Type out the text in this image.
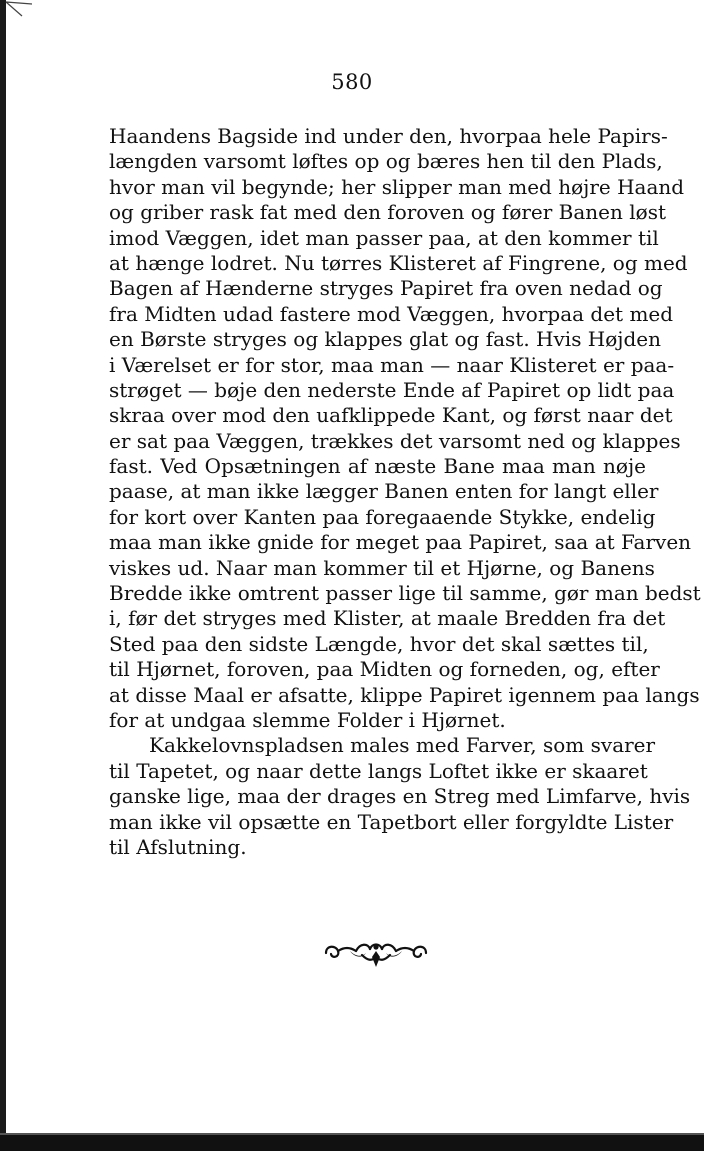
580
Haandens Bagside ind under den, hvorpaa hele Papirs-
længden varsomt løftes op og bæres hen til den Plads,
hvor man vil begynde; her slipper man med højre Haand
og griber rask fat med den foroven og fører Banen løst
imod Væggen, idet man passer paa, at den kommer til
at hænge lodret. Nu tørres Klisteret af Fingrene, og med
Bagen af Hænderne stryges Papiret fra oven nedad og
fra Midten udad fastere mod Væggen, hvorpaa det med
en Børste stryges og klappes glat og fast. Hvis Højden
i Værelset er for stor, maa man — naar Klisteret er paa-
strøget — bøje den nederste Ende af Papiret op lidt paa
skraa over mod den uafklippede Kant, og først naar det
er sat paa Væggen, trækkes det varsomt ned og klappes
fast. Ved Opsætningen af næste Bane maa man nøje
paase, at man ikke lægger Banen enten for langt eller
for kort over Kanten paa foregaaende Stykke, endelig
maa man ikke gnide for meget paa Papiret, saa at Farven
viskes ud. Naar man kommer til et Hjørne, og Banens
Bredde ikke omtrent passer lige til samme, gør man bedst
i, før det stryges med Klister, at maale Bredden fra det
Sted paa den sidste Længde, hvor det skal sættes til,
til Hjørnet, foroven, paa Midten og forneden, og, efter
at disse Maal er afsatte, klippe Papiret igennem paa langs
for at undgaa slemme Folder i Hjørnet.
Kakkelovnspladsen males med Farver, som svarer
til Tapetet, og naar dette langs Loftet ikke er skaaret
ganske lige, maa der drages en Streg med Limfarve, hvis
man ikke vil opsætte en Tapetbort eller forgyldte Lister
til Afslutning.
